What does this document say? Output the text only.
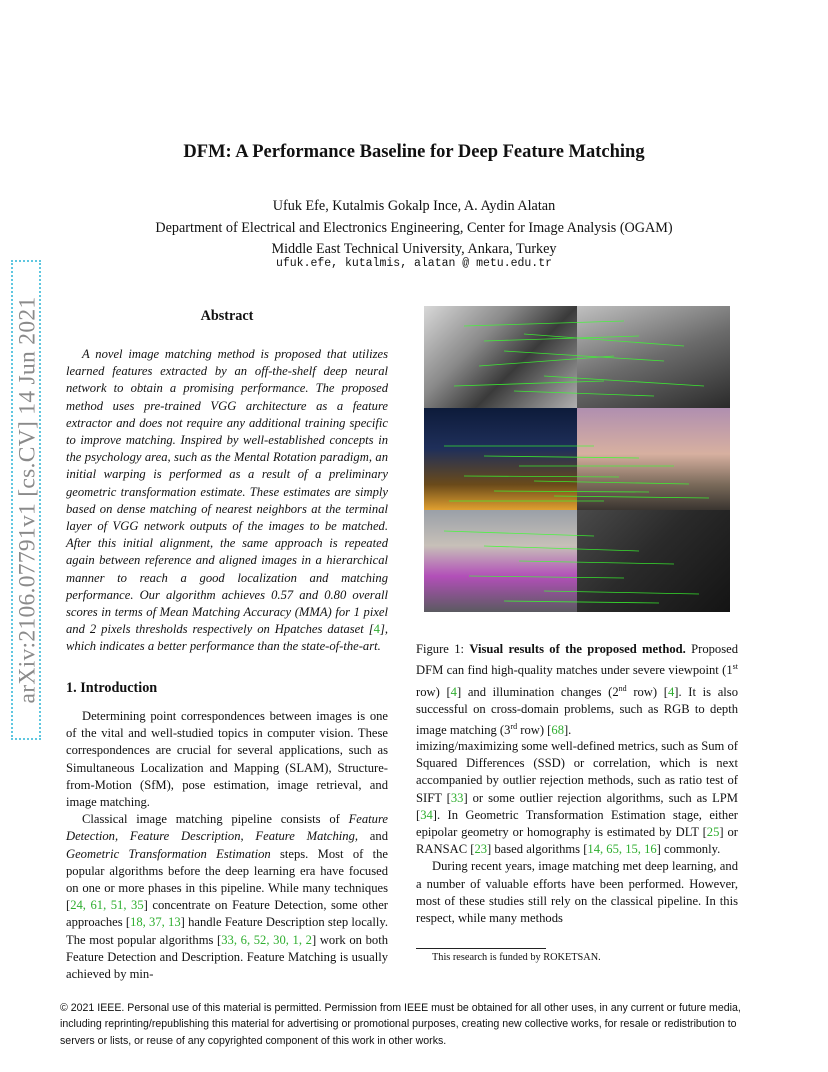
DFM: A Performance Baseline for Deep Feature Matching
Ufuk Efe, Kutalmis Gokalp Ince, A. Aydin Alatan
Department of Electrical and Electronics Engineering, Center for Image Analysis (OGAM)
Middle East Technical University, Ankara, Turkey
ufuk.efe, kutalmis, alatan @ metu.edu.tr
arXiv:2106.07791v1 [cs.CV] 14 Jun 2021	Abstract
A novel image matching method is proposed that utilizes learned features extracted by an off-the-shelf deep neural network to obtain a promising performance. The proposed method uses pre-trained VGG architecture as a feature extractor and does not require any additional training specific to improve matching. Inspired by well-established concepts in the psychology area, such as the Mental Rotation paradigm, an initial warping is performed as a result of a preliminary geometric transformation estimate. These estimates are simply based on dense matching of nearest neighbors at the terminal layer of VGG network outputs of the images to be matched. After this initial alignment, the same approach is repeated again between reference and aligned images in a hierarchical manner to reach a good localization and matching performance. Our algorithm achieves 0.57 and 0.80 overall scores in terms of Mean Matching Accuracy (MMA) for 1 pixel and 2 pixels thresholds respectively on Hpatches dataset [4], which indicates a better performance than the state-of-the-art.
1. Introduction

Determining point correspondences between images is one of the vital and well-studied topics in computer vision. These correspondences are crucial for several applications, such as Simultaneous Localization and Mapping (SLAM), Structure-from-Motion (SfM), pose estimation, image retrieval, and image matching.

Classical image matching pipeline consists of Feature Detection, Feature Description, Feature Matching, and Geometric Transformation Estimation steps. Most of the popular algorithms before the deep learning era have focused on one or more phases in this pipeline. While many techniques [24, 61, 51, 35] concentrate on Feature Detection, some other approaches [18, 37, 13] handle Feature Description step locally. The most popular algorithms [33, 6, 52, 30, 1, 2] work on both Feature Detection and Description. Feature Matching is usually achieved by min-

Figure 1: Visual results of the proposed method. Proposed DFM can find high-quality matches under severe viewpoint (1st row) [4] and illumination changes (2nd row) [4]. It is also successful on cross-domain problems, such as RGB to depth image matching (3rd row) [68].

imizing/maximizing some well-defined metrics, such as Sum of Squared Differences (SSD) or correlation, which is next accompanied by outlier rejection methods, such as ratio test of SIFT [33] or some outlier rejection algorithms, such as LPM [34]. In Geometric Transformation Estimation stage, either epipolar geometry or homography is estimated by DLT [25] or RANSAC [23] based algorithms [14, 65, 15, 16] commonly.

During recent years, image matching met deep learning, and a number of valuable efforts have been performed. However, most of these studies still rely on the classical pipeline. In this respect, while many methods

This research is funded by ROKETSAN.
© 2021 IEEE. Personal use of this material is permitted. Permission from IEEE must be obtained for all other uses, in any current or future media, including reprinting/republishing this material for advertising or promotional purposes, creating new collective works, for resale or redistribution to servers or lists, or reuse of any copyrighted component of this work in other works.
